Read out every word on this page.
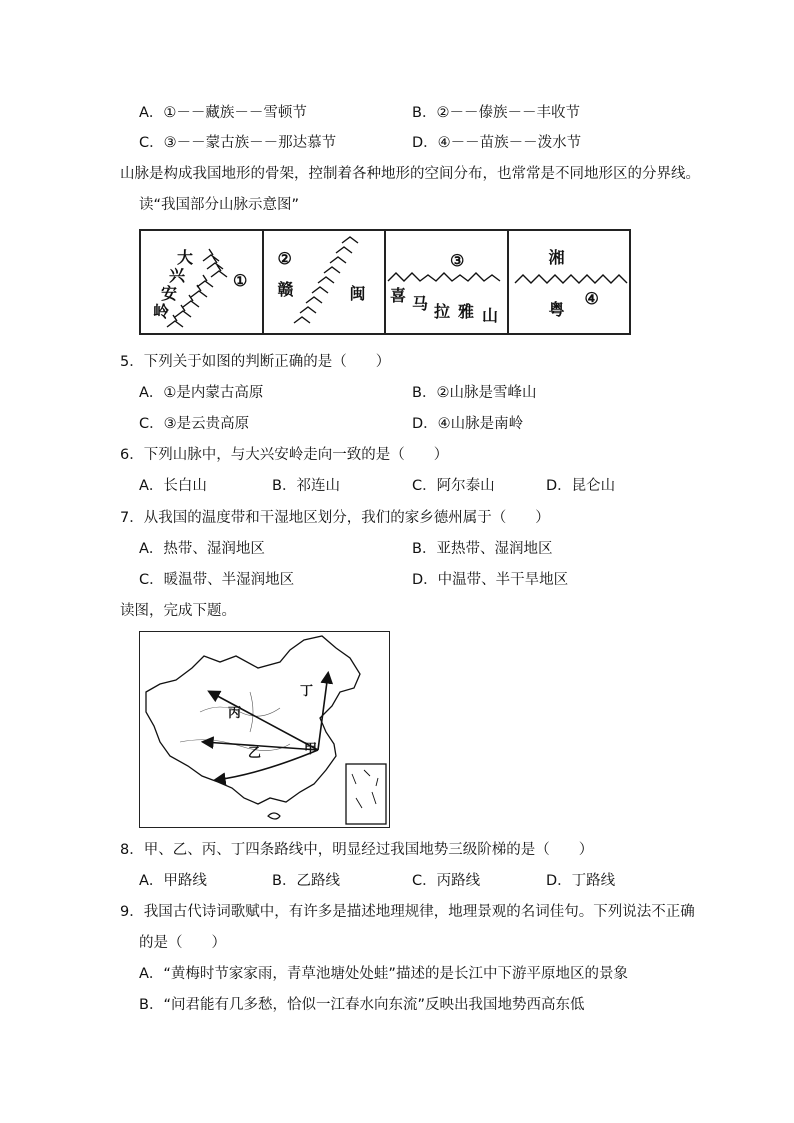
A．①－－藏族－－雪顿节	B．②－－傣族－－丰收节
C．③－－蒙古族－－那达慕节	D．④－－苗族－－泼水节
山脉是构成我国地形的骨架，控制着各种地形的空间分布，也常常是不同地形区的分界线。
读“我国部分山脉示意图”
①
大
兴
安
岭
②
赣	闽
③
喜 马 拉 雅 山
湘
粤
④
5．下列关于如图的判断正确的是（　　）
A．①是内蒙古高原	B．②山脉是雪峰山
C．③是云贵高原	D．④山脉是南岭
6．下列山脉中，与大兴安岭走向一致的是（　　）
A．长白山	B．祁连山	C．阿尔泰山	D．昆仑山
7．从我国的温度带和干湿地区划分，我们的家乡德州属于（　　）
A．热带、湿润地区	B．亚热带、湿润地区
C．暖温带、半湿润地区	D．中温带、半干旱地区
读图，完成下题。
丙
乙	甲
丁
8．甲、乙、丙、丁四条路线中，明显经过我国地势三级阶梯的是（　　）
A．甲路线	B．乙路线	C．丙路线	D．丁路线
9．我国古代诗词歌赋中，有许多是描述地理规律，地理景观的名词佳句。下列说法不正确
的是（　　）
A．“黄梅时节家家雨，青草池塘处处蛙”描述的是长江中下游平原地区的景象
B．“问君能有几多愁，恰似一江春水向东流”反映出我国地势西高东低
